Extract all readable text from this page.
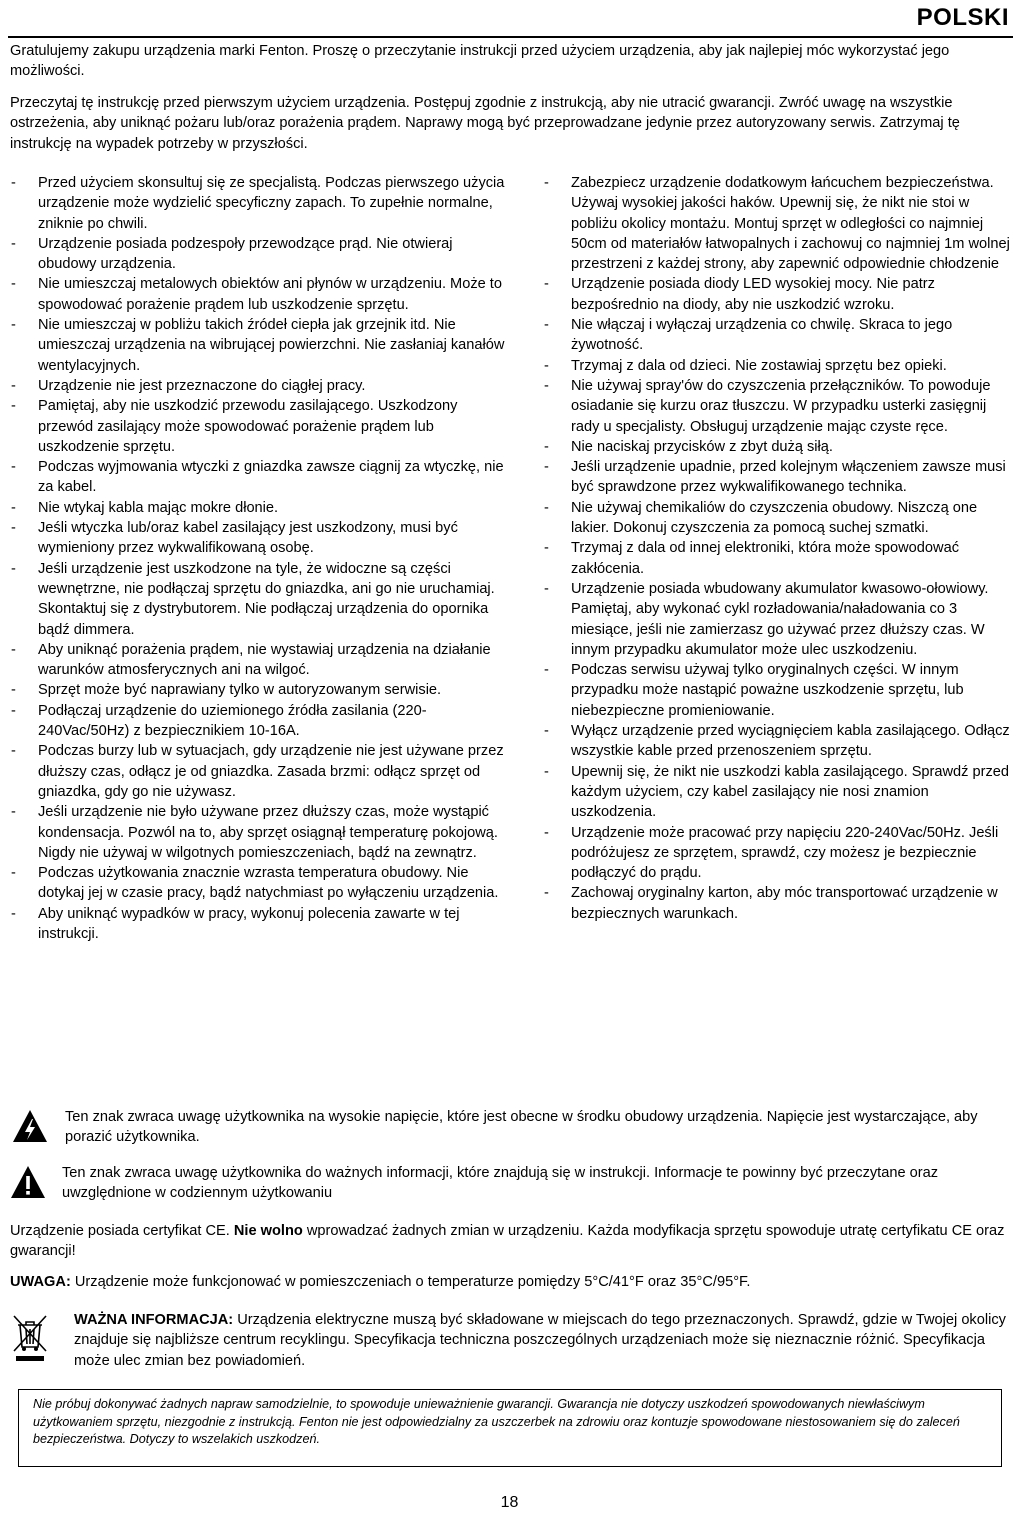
POLSKI

Gratulujemy zakupu urządzenia marki Fenton. Proszę o przeczytanie instrukcji przed użyciem urządzenia, aby jak najlepiej móc wykorzystać jego możliwości.

Przeczytaj tę instrukcję przed pierwszym użyciem urządzenia. Postępuj zgodnie z instrukcją, aby nie utracić gwarancji. Zwróć uwagę na wszystkie ostrzeżenia, aby uniknąć pożaru lub/oraz porażenia prądem. Naprawy mogą być przeprowadzane jedynie przez autoryzowany serwis. Zatrzymaj tę instrukcję na wypadek potrzeby w przyszłości.

- Przed użyciem skonsultuj się ze specjalistą. Podczas pierwszego użycia urządzenie może wydzielić specyficzny zapach. To zupełnie normalne, zniknie po chwili.
- Urządzenie posiada podzespoły przewodzące prąd. Nie otwieraj obudowy urządzenia.
- Nie umieszczaj metalowych obiektów ani płynów w urządzeniu. Może to spowodować porażenie prądem lub uszkodzenie sprzętu.
- Nie umieszczaj w pobliżu takich źródeł ciepła jak grzejnik itd. Nie umieszczaj urządzenia na wibrującej powierzchni. Nie zasłaniaj kanałów wentylacyjnych.
- Urządzenie nie jest przeznaczone do ciągłej pracy.
- Pamiętaj, aby nie uszkodzić przewodu zasilającego. Uszkodzony przewód zasilający może spowodować porażenie prądem lub uszkodzenie sprzętu.
- Podczas wyjmowania wtyczki z gniazdka zawsze ciągnij za wtyczkę, nie za kabel.
- Nie wtykaj kabla mając mokre dłonie.
- Jeśli wtyczka lub/oraz kabel zasilający jest uszkodzony, musi być wymieniony przez wykwalifikowaną osobę.
- Jeśli urządzenie jest uszkodzone na tyle, że widoczne są części wewnętrzne, nie podłączaj sprzętu do gniazdka, ani go nie uruchamiaj. Skontaktuj się z dystrybutorem. Nie podłączaj urządzenia do opornika bądź dimmera.
- Aby uniknąć porażenia prądem, nie wystawiaj urządzenia na działanie warunków atmosferycznych ani na wilgoć.
- Sprzęt może być naprawiany tylko w autoryzowanym serwisie.
- Podłączaj urządzenie do uziemionego źródła zasilania (220-240Vac/50Hz) z bezpiecznikiem 10-16A.
- Podczas burzy lub w sytuacjach, gdy urządzenie nie jest używane przez dłuższy czas, odłącz je od gniazdka. Zasada brzmi: odłącz sprzęt od gniazdka, gdy go nie używasz.
- Jeśli urządzenie nie było używane przez dłuższy czas, może wystąpić kondensacja. Pozwól na to, aby sprzęt osiągnął temperaturę pokojową. Nigdy nie używaj w wilgotnych pomieszczeniach, bądź na zewnątrz.
- Podczas użytkowania znacznie wzrasta temperatura obudowy. Nie dotykaj jej w czasie pracy, bądź natychmiast po wyłączeniu urządzenia.
- Aby uniknąć wypadków w pracy, wykonuj polecenia zawarte w tej instrukcji.
- Zabezpiecz urządzenie dodatkowym łańcuchem bezpieczeństwa. Używaj wysokiej jakości haków. Upewnij się, że nikt nie stoi w pobliżu okolicy montażu. Montuj sprzęt w odległości co najmniej 50cm od materiałów łatwopalnych i zachowuj co najmniej 1m wolnej przestrzeni z każdej strony, aby zapewnić odpowiednie chłodzenie
- Urządzenie posiada diody LED wysokiej mocy. Nie patrz bezpośrednio na diody, aby nie uszkodzić wzroku.
- Nie włączaj i wyłączaj urządzenia co chwilę. Skraca to jego żywotność.
- Trzymaj z dala od dzieci. Nie zostawiaj sprzętu bez opieki.
- Nie używaj spray'ów do czyszczenia przełączników. To powoduje osiadanie się kurzu oraz tłuszczu. W przypadku usterki zasięgnij rady u specjalisty. Obsługuj urządzenie mając czyste ręce.
- Nie naciskaj przycisków z zbyt dużą siłą.
- Jeśli urządzenie upadnie, przed kolejnym włączeniem zawsze musi być sprawdzone przez wykwalifikowanego technika.
- Nie używaj chemikaliów do czyszczenia obudowy. Niszczą one lakier. Dokonuj czyszczenia za pomocą suchej szmatki.
- Trzymaj z dala od innej elektroniki, która może spowodować zakłócenia.
- Urządzenie posiada wbudowany akumulator kwasowo-ołowiowy. Pamiętaj, aby wykonać cykl rozładowania/naładowania co 3 miesiące, jeśli nie zamierzasz go używać przez dłuższy czas. W innym przypadku akumulator może ulec uszkodzeniu.
- Podczas serwisu używaj tylko oryginalnych części. W innym przypadku może nastąpić poważne uszkodzenie sprzętu, lub niebezpieczne promieniowanie.
- Wyłącz urządzenie przed wyciągnięciem kabla zasilającego. Odłącz wszystkie kable przed przenoszeniem sprzętu.
- Upewnij się, że nikt nie uszkodzi kabla zasilającego. Sprawdź przed każdym użyciem, czy kabel zasilający nie nosi znamion uszkodzenia.
- Urządzenie może pracować przy napięciu 220-240Vac/50Hz. Jeśli podróżujesz ze sprzętem, sprawdź, czy możesz je bezpiecznie podłączyć do prądu.
- Zachowaj oryginalny karton, aby móc transportować urządzenie w bezpiecznych warunkach.

Ten znak zwraca uwagę użytkownika na wysokie napięcie, które jest obecne w środku obudowy urządzenia. Napięcie jest wystarczające, aby porazić użytkownika.

Ten znak zwraca uwagę użytkownika do ważnych informacji, które znajdują się w instrukcji. Informacje te powinny być przeczytane oraz uwzględnione w codziennym użytkowaniu

Urządzenie posiada certyfikat CE. Nie wolno wprowadzać żadnych zmian w urządzeniu. Każda modyfikacja sprzętu spowoduje utratę certyfikatu CE oraz gwarancji!

UWAGA: Urządzenie może funkcjonować w pomieszczeniach o temperaturze pomiędzy 5°C/41°F oraz 35°C/95°F.

WAŻNA INFORMACJA: Urządzenia elektryczne muszą być składowane w miejscach do tego przeznaczonych. Sprawdź, gdzie w Twojej okolicy znajduje się najbliższe centrum recyklingu. Specyfikacja techniczna poszczególnych urządzeniach może się nieznacznie różnić. Specyfikacja może ulec zmian bez powiadomień.

Nie próbuj dokonywać żadnych napraw samodzielnie, to spowoduje unieważnienie gwarancji. Gwarancja nie dotyczy uszkodzeń spowodowanych niewłaściwym użytkowaniem sprzętu, niezgodnie z instrukcją. Fenton nie jest odpowiedzialny za uszczerbek na zdrowiu oraz kontuzje spowodowane niestosowaniem się do zaleceń bezpieczeństwa. Dotyczy to wszelakich uszkodzeń.
18
